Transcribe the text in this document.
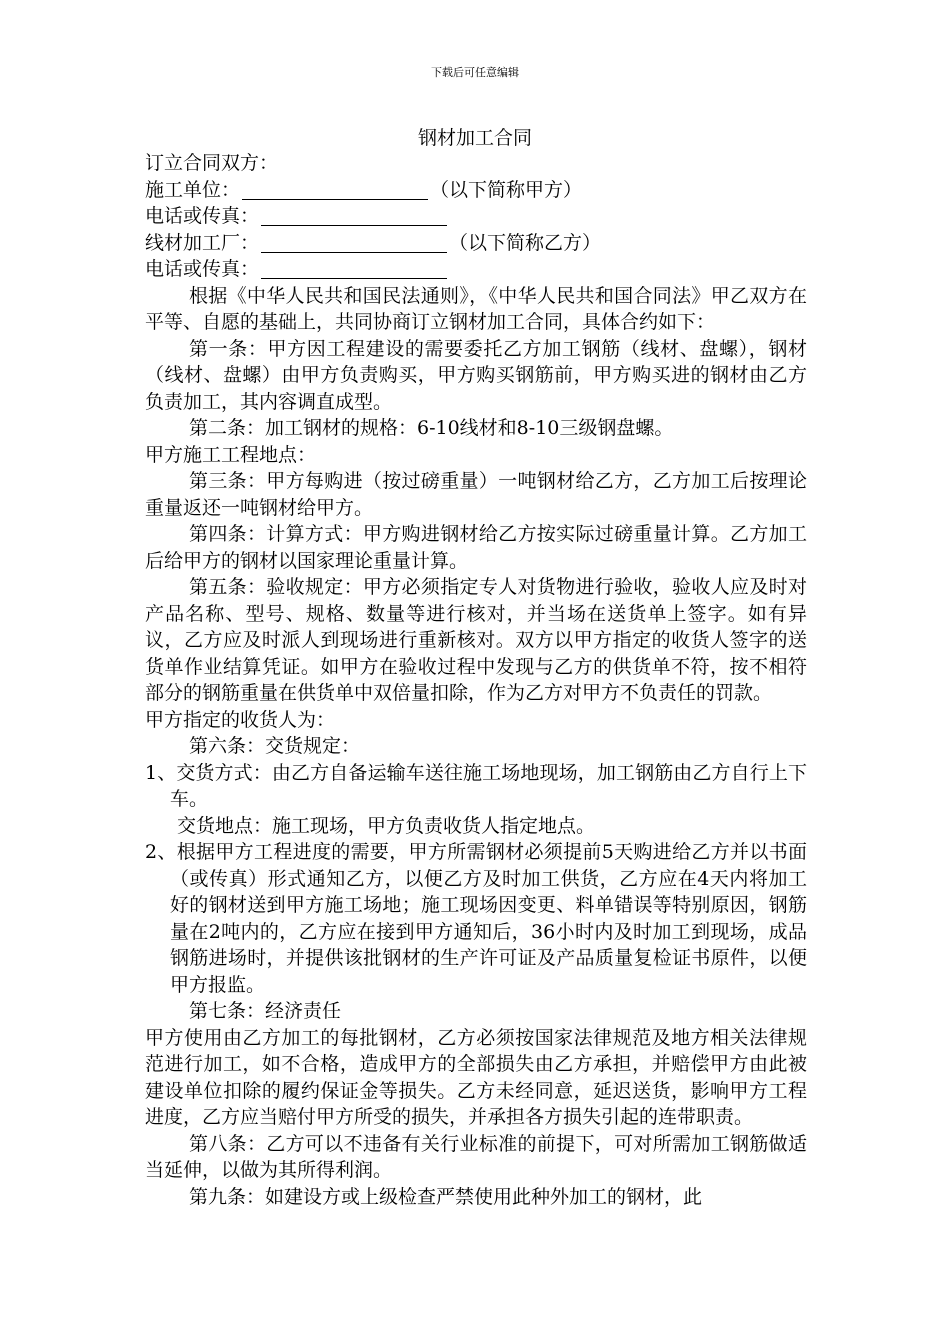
下载后可任意编辑
钢材加工合同

订立合同双方：

施工单位：	（以下简称甲方）

电话或传真：

线材加工厂：	（以下简称乙方）

电话或传真：

根据《中华人民共和国民法通则》，《中华人民共和国合同法》甲乙双方在平等、自愿的基础上，共同协商订立钢材加工合同，具体合约如下：

第一条：甲方因工程建设的需要委托乙方加工钢筋（线材、盘螺），钢材（线材、盘螺）由甲方负责购买，甲方购买钢筋前，甲方购买进的钢材由乙方负责加工，其内容调直成型。

第二条：加工钢材的规格：6-10线材和8-10三级钢盘螺。

甲方施工工程地点：

第三条：甲方每购进（按过磅重量）一吨钢材给乙方，乙方加工后按理论重量返还一吨钢材给甲方。

第四条：计算方式：甲方购进钢材给乙方按实际过磅重量计算。乙方加工后给甲方的钢材以国家理论重量计算。

第五条：验收规定：甲方必须指定专人对货物进行验收，验收人应及时对产品名称、型号、规格、数量等进行核对，并当场在送货单上签字。如有异议，乙方应及时派人到现场进行重新核对。双方以甲方指定的收货人签字的送货单作业结算凭证。如甲方在验收过程中发现与乙方的供货单不符，按不相符部分的钢筋重量在供货单中双倍量扣除，作为乙方对甲方不负责任的罚款。

甲方指定的收货人为：

第六条：交货规定：

1、交货方式：由乙方自备运输车送往施工场地现场，加工钢筋由乙方自行上下车。

交货地点：施工现场，甲方负责收货人指定地点。

2、根据甲方工程进度的需要，甲方所需钢材必须提前5天购进给乙方并以书面（或传真）形式通知乙方，以便乙方及时加工供货，乙方应在4天内将加工好的钢材送到甲方施工场地；施工现场因变更、料单错误等特别原因，钢筋量在2吨内的，乙方应在接到甲方通知后，36小时内及时加工到现场，成品钢筋进场时，并提供该批钢材的生产许可证及产品质量复检证书原件，以便甲方报监。

第七条：经济责任

甲方使用由乙方加工的每批钢材，乙方必须按国家法律规范及地方相关法律规范进行加工，如不合格，造成甲方的全部损失由乙方承担，并赔偿甲方由此被建设单位扣除的履约保证金等损失。乙方未经同意，延迟送货，影响甲方工程进度，乙方应当赔付甲方所受的损失，并承担各方损失引起的连带职责。

第八条：乙方可以不违备有关行业标准的前提下，可对所需加工钢筋做适当延伸，以做为其所得利润。

第九条：如建设方或上级检查严禁使用此种外加工的钢材，此
